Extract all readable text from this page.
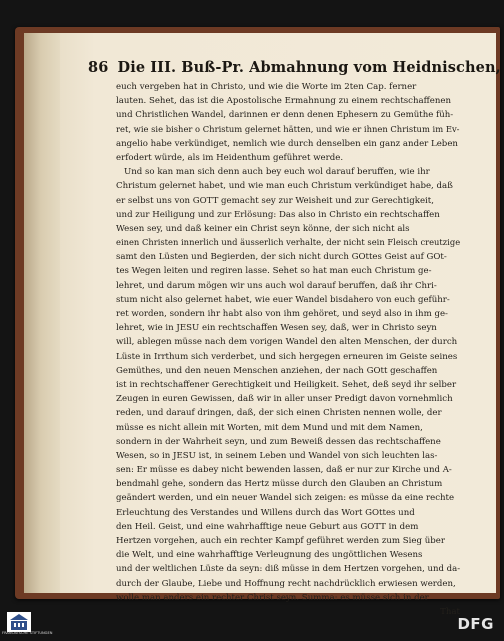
86 Die III. Buß-Pr. Abmahnung vom Heidnischen,
euch vergeben hat in Christo, und wie die Worte im 2ten Cap. ferner
lauten. Sehet, das ist die Apostolische Ermahnung zu einem rechtschaffenen
und Christlichen Wandel, darinnen er denn denen Ephesern zu Gemüthe füh-
ret, wie sie bisher o Christum gelernet hätten, und wie er ihnen Christum im Ev-
angelio habe verkündiget, nemlich wie durch denselben ein ganz ander Leben
erfodert würde, als im Heidenthum geführet werde.
Und so kan man sich denn auch bey euch wol darauf beruffen, wie ihr
Christum gelernet habet, und wie man euch Christum verkündiget habe, daß
er selbst uns von GOTT gemacht sey zur Weisheit und zur Gerechtigkeit,
und zur Heiligung und zur Erlösung: Das also in Christo ein rechtschaffen
Wesen sey, und daß keiner ein Christ seyn könne, der sich nicht als
einen Christen innerlich und äusserlich verhalte, der nicht sein Fleisch creutzige
samt den Lüsten und Begierden, der sich nicht durch GOttes Geist auf GOt-
tes Wegen leiten und regiren lasse. Sehet so hat man euch Christum ge-
lehret, und darum mögen wir uns auch wol darauf beruffen, daß ihr Chri-
stum nicht also gelernet habet, wie euer Wandel bisdahero von euch geführ-
ret worden, sondern ihr habt also von ihm gehöret, und seyd also in ihm ge-
lehret, wie in JESU ein rechtschaffen Wesen sey, daß, wer in Christo seyn
will, ablegen müsse nach dem vorigen Wandel den alten Menschen, der durch
Lüste in Irrthum sich verderbet, und sich hergegen erneuren im Geiste seines
Gemüthes, und den neuen Menschen anziehen, der nach GOtt geschaffen
ist in rechtschaffener Gerechtigkeit und Heiligkeit. Sehet, deß seyd ihr selber
Zeugen in euren Gewissen, daß wir in aller unser Predigt davon vornehmlich
reden, und darauf dringen, daß, der sich einen Christen nennen wolle, der
müsse es nicht allein mit Worten, mit dem Mund und mit dem Namen,
sondern in der Wahrheit seyn, und zum Beweiß dessen das rechtschaffene
Wesen, so in JESU ist, in seinem Leben und Wandel von sich leuchten las-
sen: Er müsse es dabey nicht bewenden lassen, daß er nur zur Kirche und A-
bendmahl gehe, sondern das Hertz müsse durch den Glauben an Christum
geändert werden, und ein neuer Wandel sich zeigen: es müsse da eine rechte
Erleuchtung des Verstandes und Willens durch das Wort GOttes und
den Heil. Geist, und eine wahrhafftige neue Geburt aus GOTT in dem
Hertzen vorgehen, auch ein rechter Kampf geführet werden zum Sieg über
die Welt, und eine wahrhafftige Verleugnung des ungöttlichen Wesens
und der weltlichen Lüste da seyn: diß müsse in dem Hertzen vorgehen, und da-
durch der Glaube, Liebe und Hoffnung recht nachdrücklich erwiesen werden,
wolle man anders ein rechter Christ seyn. Summa: es müsse sich in der
That
FRANCKESCHE STIFTUNGEN	DFG
